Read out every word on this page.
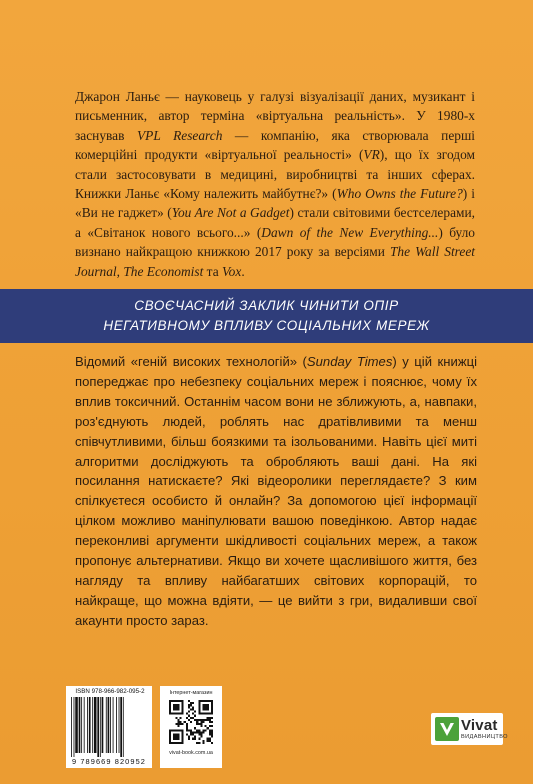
Джарон Ланьє — науковець у галузі візуалізації даних, музикант і письменник, автор терміна «віртуальна реальність». У 1980-х заснував VPL Research — компанію, яка створювала перші комерційні продукти «віртуальної реальності» (VR), що їх згодом стали застосовувати в медицині, виробництві та інших сферах. Книжки Ланьє «Кому належить майбутнє?» (Who Owns the Future?) і «Ви не гаджет» (You Are Not a Gadget) стали світовими бестселерами, а «Світанок нового всього...» (Dawn of the New Everything...) було визнано найкращою книжкою 2017 року за версіями The Wall Street Journal, The Economist та Vox.
СВОЄЧАСНИЙ ЗАКЛИК ЧИНИТИ ОПІР
НЕГАТИВНОМУ ВПЛИВУ СОЦІАЛЬНИХ МЕРЕЖ
Відомий «геній високих технологій» (Sunday Times) у цій книжці попереджає про небезпеку соціальних мереж і пояснює, чому їх вплив токсичний. Останнім часом вони не зближують, а, навпаки, роз'єднують людей, роблять нас дратівливими та менш співчутливими, більш боязкими та ізольованими. Навіть цієї миті алгоритми досліджують та обробляють ваші дані. На які посилання натискаєте? Які відеоролики переглядаєте? З ким спілкуєтеся особисто й онлайн? За допомогою цієї інформації цілком можливо маніпулювати вашою поведінкою. Автор надає переконливі аргументи шкідливості соціальних мереж, а також пропонує альтернативи. Якщо ви хочете щасливішого життя, без нагляду та впливу найбагатших світових корпорацій, то найкраще, що можна вдіяти, — це вийти з гри, видаливши свої акаунти просто зараз.
ISBN 978-966-982-095-2
9 789669 820952
Інтернет-магазин
vivat-book.com.ua
Vivat
ВИДАВНИЦТВО
